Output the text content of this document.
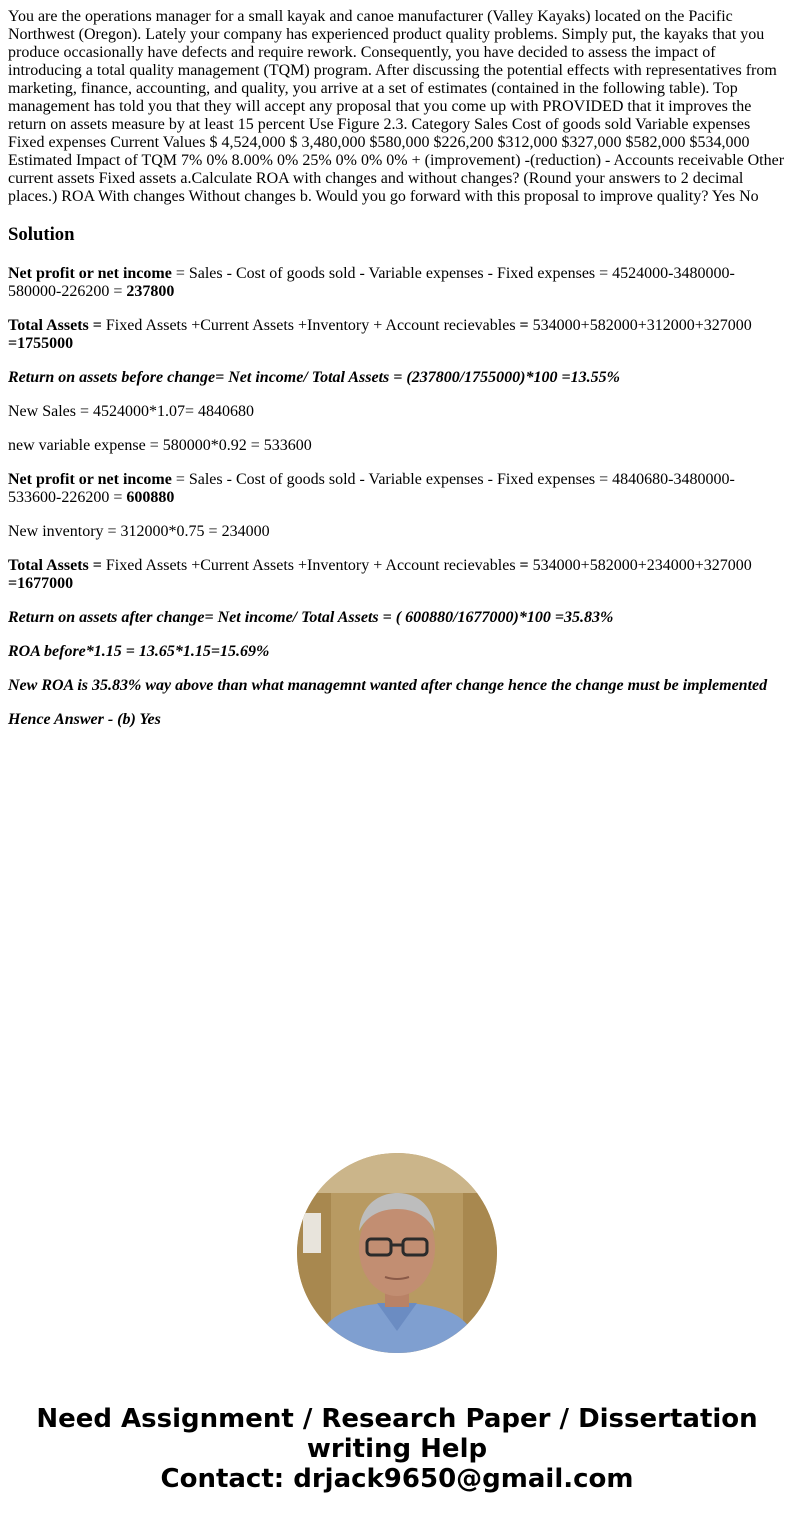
You are the operations manager for a small kayak and canoe manufacturer (Valley Kayaks) located on the Pacific Northwest (Oregon). Lately your company has experienced product quality problems. Simply put, the kayaks that you produce occasionally have defects and require rework. Consequently, you have decided to assess the impact of introducing a total quality management (TQM) program. After discussing the potential effects with representatives from marketing, finance, accounting, and quality, you arrive at a set of estimates (contained in the following table). Top management has told you that they will accept any proposal that you come up with PROVIDED that it improves the return on assets measure by at least 15 percent Use Figure 2.3. Category Sales Cost of goods sold Variable expenses Fixed expenses Current Values $ 4,524,000 $ 3,480,000 $580,000 $226,200 $312,000 $327,000 $582,000 $534,000 Estimated Impact of TQM 7% 0% 8.00% 0% 25% 0% 0% 0% + (improvement) -(reduction) - Accounts receivable Other current assets Fixed assets a.Calculate ROA with changes and without changes? (Round your answers to 2 decimal places.) ROA With changes Without changes b. Would you go forward with this proposal to improve quality? Yes No

Solution

Net profit or net income = Sales - Cost of goods sold - Variable expenses - Fixed expenses = 4524000-3480000-580000-226200 = 237800

Total Assets = Fixed Assets +Current Assets +Inventory + Account recievables = 534000+582000+312000+327000 =1755000

Return on assets before change= Net income/ Total Assets = (237800/1755000)*100 =13.55%

New Sales = 4524000*1.07= 4840680

new variable expense = 580000*0.92 = 533600

Net profit or net income = Sales - Cost of goods sold - Variable expenses - Fixed expenses = 4840680-3480000-533600-226200 = 600880

New inventory = 312000*0.75 = 234000

Total Assets = Fixed Assets +Current Assets +Inventory + Account recievables = 534000+582000+234000+327000 =1677000

Return on assets after change= Net income/ Total Assets = ( 600880/1677000)*100 =35.83%

ROA before*1.15 = 13.65*1.15=15.69%

New ROA is 35.83% way above than what managemnt wanted after change hence the change must be implemented

Hence Answer - (b) Yes

Need Assignment / Research Paper / Dissertation
writing Help
Contact: drjack9650@gmail.com
